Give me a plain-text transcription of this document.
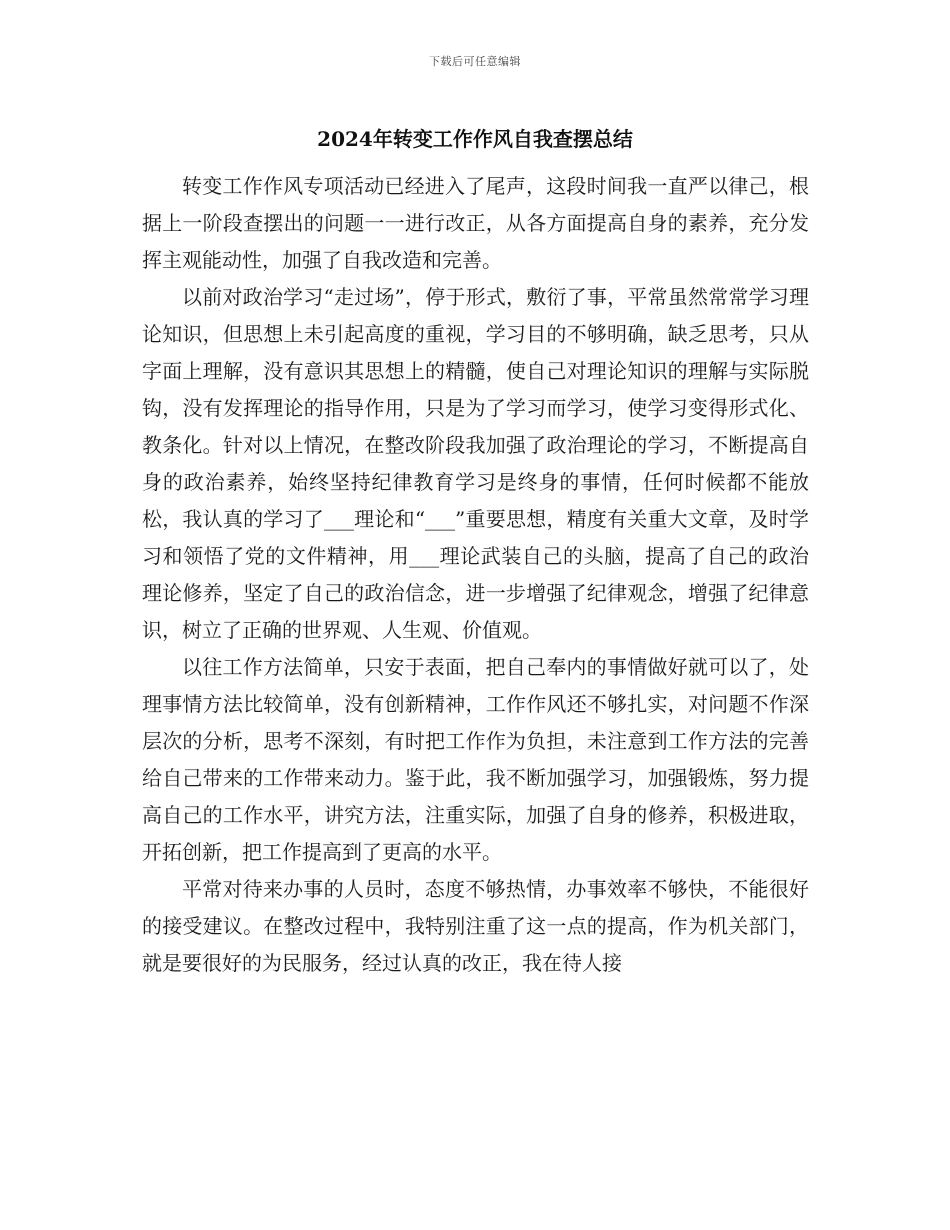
下载后可任意编辑
2024年转变工作作风自我查摆总结

转变工作作风专项活动已经进入了尾声，这段时间我一直严以律己，根据上一阶段查摆出的问题一一进行改正，从各方面提高自身的素养，充分发挥主观能动性，加强了自我改造和完善。

以前对政治学习“走过场”，停于形式，敷衍了事，平常虽然常常学习理论知识，但思想上未引起高度的重视，学习目的不够明确，缺乏思考，只从字面上理解，没有意识其思想上的精髓，使自己对理论知识的理解与实际脱钩，没有发挥理论的指导作用，只是为了学习而学习，使学习变得形式化、教条化。针对以上情况，在整改阶段我加强了政治理论的学习，不断提高自身的政治素养，始终坚持纪律教育学习是终身的事情，任何时候都不能放松，我认真的学习了___理论和“___”重要思想，精度有关重大文章，及时学习和领悟了党的文件精神，用___理论武装自己的头脑，提高了自己的政治理论修养，坚定了自己的政治信念，进一步增强了纪律观念，增强了纪律意识，树立了正确的世界观、人生观、价值观。

以往工作方法简单，只安于表面，把自己奉内的事情做好就可以了，处理事情方法比较简单，没有创新精神，工作作风还不够扎实，对问题不作深层次的分析，思考不深刻，有时把工作作为负担，未注意到工作方法的完善给自己带来的工作带来动力。鉴于此，我不断加强学习，加强锻炼，努力提高自己的工作水平，讲究方法，注重实际，加强了自身的修养，积极进取，开拓创新，把工作提高到了更高的水平。

平常对待来办事的人员时，态度不够热情，办事效率不够快，不能很好的接受建议。在整改过程中，我特别注重了这一点的提高，作为机关部门，就是要很好的为民服务，经过认真的改正，我在待人接
